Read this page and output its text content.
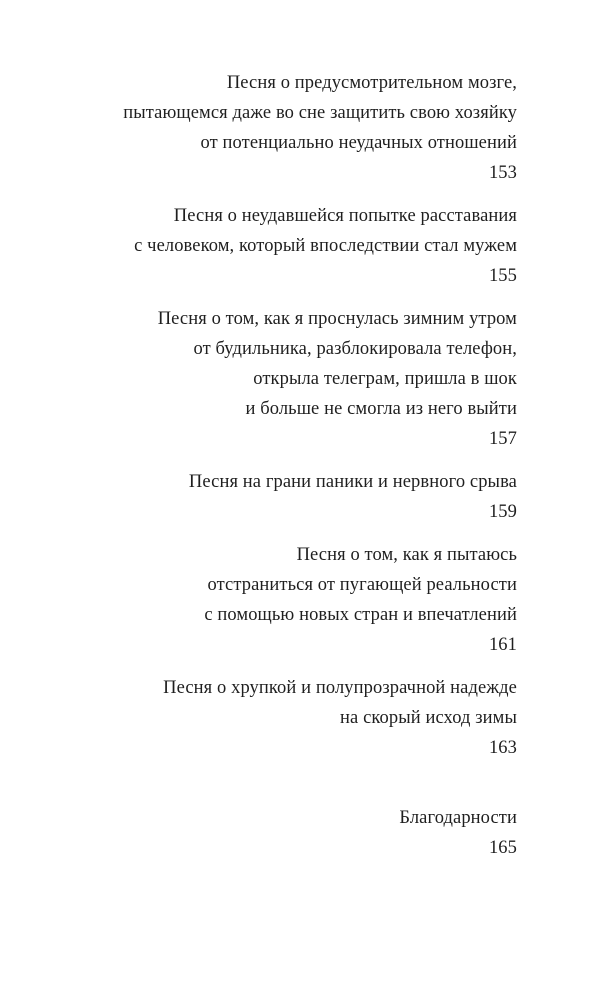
Песня о предусмотрительном мозге,
пытающемся даже во сне защитить свою хозяйку
от потенциально неудачных отношений
153
Песня о неудавшейся попытке расставания
с человеком, который впоследствии стал мужем
155
Песня о том, как я проснулась зимним утром
от будильника, разблокировала телефон,
открыла телеграм, пришла в шок
и больше не смогла из него выйти
157
Песня на грани паники и нервного срыва
159
Песня о том, как я пытаюсь
отстраниться от пугающей реальности
с помощью новых стран и впечатлений
161
Песня о хрупкой и полупрозрачной надежде
на скорый исход зимы
163
Благодарности
165
